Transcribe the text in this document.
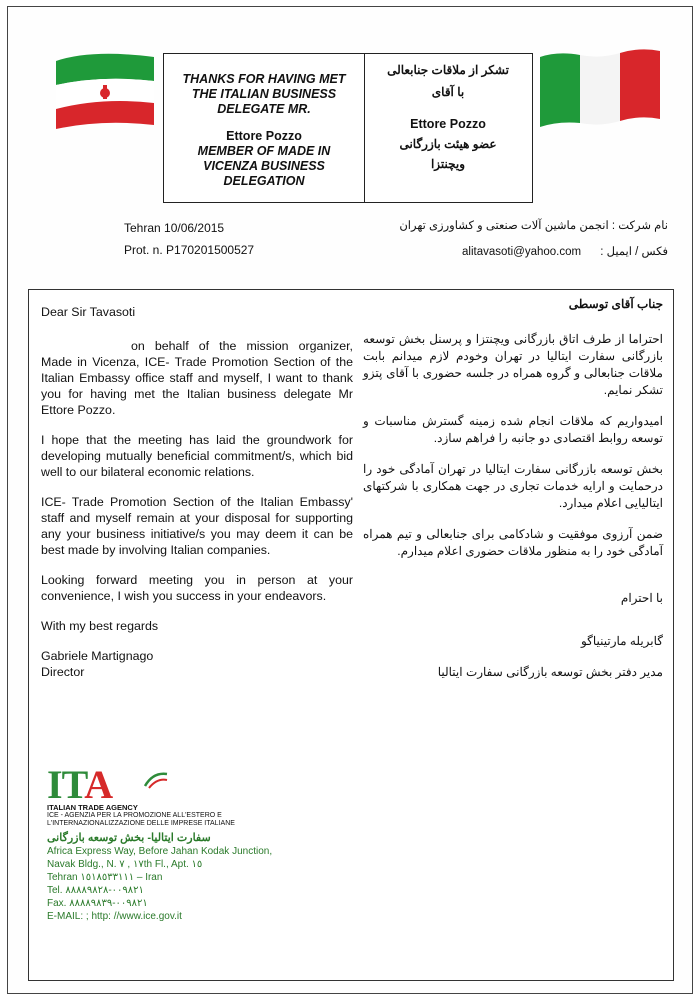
THANKS FOR HAVING MET
THE ITALIAN BUSINESS
DELEGATE MR.
Ettore Pozzo
MEMBER OF MADE IN
VICENZA BUSINESS
DELEGATION
تشکر از ملاقات جنابعالی
با آقای
Ettore Pozzo
عضو هیئت بازرگانی
ویچنتزا
Tehran 10/06/2015
Prot. n. P170201500527
نام شرکت : انجمن ماشین آلات صنعتی و کشاورزی تهران
فکس / ایمیل :      alitavasoti@yahoo.com

Dear Sir Tavasoti

on behalf of the mission organizer, Made in Vicenza, ICE- Trade Promotion Section of the Italian Embassy office staff and myself, I want to thank you for having met the Italian business delegate Mr Ettore Pozzo.

I hope that the meeting has laid the groundwork for developing mutually beneficial commitment/s, which bid well to our bilateral economic relations.

ICE- Trade Promotion Section of the Italian Embassy' staff and myself remain at your disposal for supporting any your business initiative/s you may deem it can be best made by involving Italian companies.

Looking forward meeting you in person at your convenience, I wish you success in your endeavors.

With my best regards

Gabriele Martignago
Director

جناب آقای توسطی

احتراما از طرف اتاق بازرگانی ویچنتزا و پرسنل بخش توسعه بازرگانی سفارت ایتالیا در تهران وخودم لازم میدانم بابت ملاقات جنابعالی و گروه همراه در جلسه حضوری با آقای پتزو تشکر نمایم.

امیدواریم که ملاقات انجام شده زمینه گسترش مناسبات و توسعه روابط اقتصادی دو جانبه را فراهم سازد.

بخش توسعه بازرگانی سفارت ایتالیا در تهران آمادگی خود را درحمایت و ارایه خدمات تجاری در جهت همکاری با شرکتهای ایتالیایی اعلام میدارد.

ضمن آرزوی موفقیت و شادکامی برای جنابعالی و تیم همراه آمادگی خود را به منظور ملاقات حضوری اعلام میدارم.

با احترام

گابریله مارتینیاگو

مدیر دفتر بخش توسعه بازرگانی سفارت ایتالیا

ITA
ITALIAN TRADE AGENCY
ICE - AGENZIA PER LA PROMOZIONE ALL'ESTERO E
L'INTERNAZIONALIZZAZIONE DELLE IMPRESE ITALIANE
سفارت ایتالیا- بخش توسعه بازرگانی
Africa Express Way, Before Jahan Kodak Junction,
Navak Bldg., N. ١٧ , ٧th Fl., Apt. ١٥
Tehran ١٥١٨٥٣٣١١١ – Iran
Tel. ٠٠٩٨٢١-٨٨٨٨٩٨٢٨
Fax. ٠٠٩٨٢١-٨٨٨٨٩٨٣٩
E-MAIL: ; http: //www.ice.gov.it
